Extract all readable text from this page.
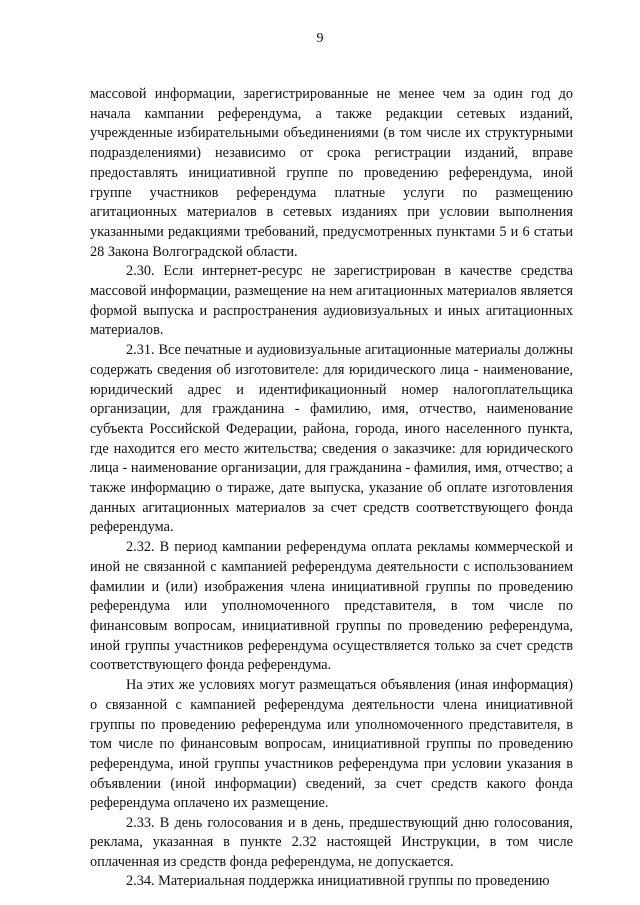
9

массовой информации, зарегистрированные не менее чем за один год до начала кампании референдума, а также редакции сетевых изданий, учрежденные избирательными объединениями (в том числе их структурными подразделениями) независимо от срока регистрации изданий, вправе предоставлять инициативной группе по проведению референдума, иной группе участников референдума платные услуги по размещению агитационных материалов в сетевых изданиях при условии выполнения указанными редакциями требований, предусмотренных пунктами 5 и 6 статьи 28 Закона Волгоградской области.

2.30. Если интернет-ресурс не зарегистрирован в качестве средства массовой информации, размещение на нем агитационных материалов является формой выпуска и распространения аудиовизуальных и иных агитационных материалов.

2.31. Все печатные и аудиовизуальные агитационные материалы должны содержать сведения об изготовителе: для юридического лица - наименование, юридический адрес и идентификационный номер налогоплательщика организации, для гражданина - фамилию, имя, отчество, наименование субъекта Российской Федерации, района, города, иного населенного пункта, где находится его место жительства; сведения о заказчике: для юридического лица - наименование организации, для гражданина - фамилия, имя, отчество; а также информацию о тираже, дате выпуска, указание об оплате изготовления данных агитационных материалов за счет средств соответствующего фонда референдума.

2.32. В период кампании референдума оплата рекламы коммерческой и иной не связанной с кампанией референдума деятельности с использованием фамилии и (или) изображения члена инициативной группы по проведению референдума или уполномоченного представителя, в том числе по финансовым вопросам, инициативной группы по проведению референдума, иной группы участников референдума осуществляется только за счет средств соответствующего фонда референдума.

На этих же условиях могут размещаться объявления (иная информация) о связанной с кампанией референдума деятельности члена инициативной группы по проведению референдума или уполномоченного представителя, в том числе по финансовым вопросам, инициативной группы по проведению референдума, иной группы участников референдума при условии указания в объявлении (иной информации) сведений, за счет средств какого фонда референдума оплачено их размещение.

2.33. В день голосования и в день, предшествующий дню голосования, реклама, указанная в пункте 2.32 настоящей Инструкции, в том числе оплаченная из средств фонда референдума, не допускается.

2.34. Материальная поддержка инициативной группы по проведению
